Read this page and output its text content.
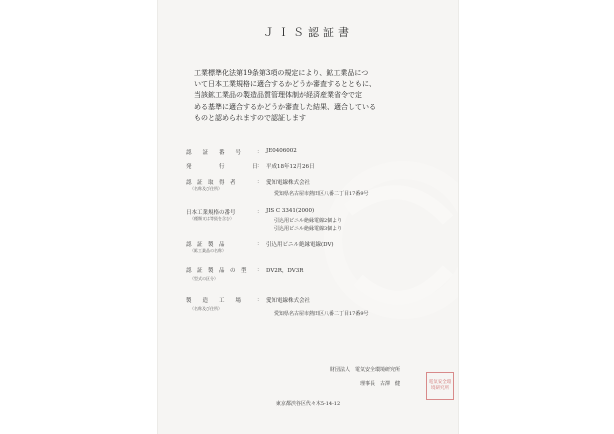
ＪＩＳ認証書
工業標準化法第19条第3項の規定により、鉱工業品につ
いて日本工業規格に適合するかどうか審査するとともに、
当該鉱工業品の製造品質管理体制が経済産業省令で定
める基準に適合するかどうか審査した結果、適合している
ものと認められますので認証します
認　　証　　番　　号	： JE0406002
発　　　　　行　　　　　日 ： 平成18年12月26日
認　証　取　得　者
（名称及び住所）
： 愛知電線株式会社
愛知県名古屋市熱田区八番二丁目17番9号
日本工業規格の番号
（種類又は等級を含む）
： JIS C 3341(2000)
引込用ビニル絶縁電線2個より
引込用ビニル絶縁電線3個より
認　証　製　品
（鉱工業品の名称）
： 引込用ビニル絶縁電線(DV)
認　証　製　品　の　型
（型式の区分）
： DV2R，DV3R
製　　造　　工　　場
（名称及び住所）
： 愛知電線株式会社
愛知県名古屋市熱田区八番二丁目17番9号
財団法人　電気安全環境研究所
理事長　古澤　健	電気安全環境研究所
東京都渋谷区代々木5-14-12
